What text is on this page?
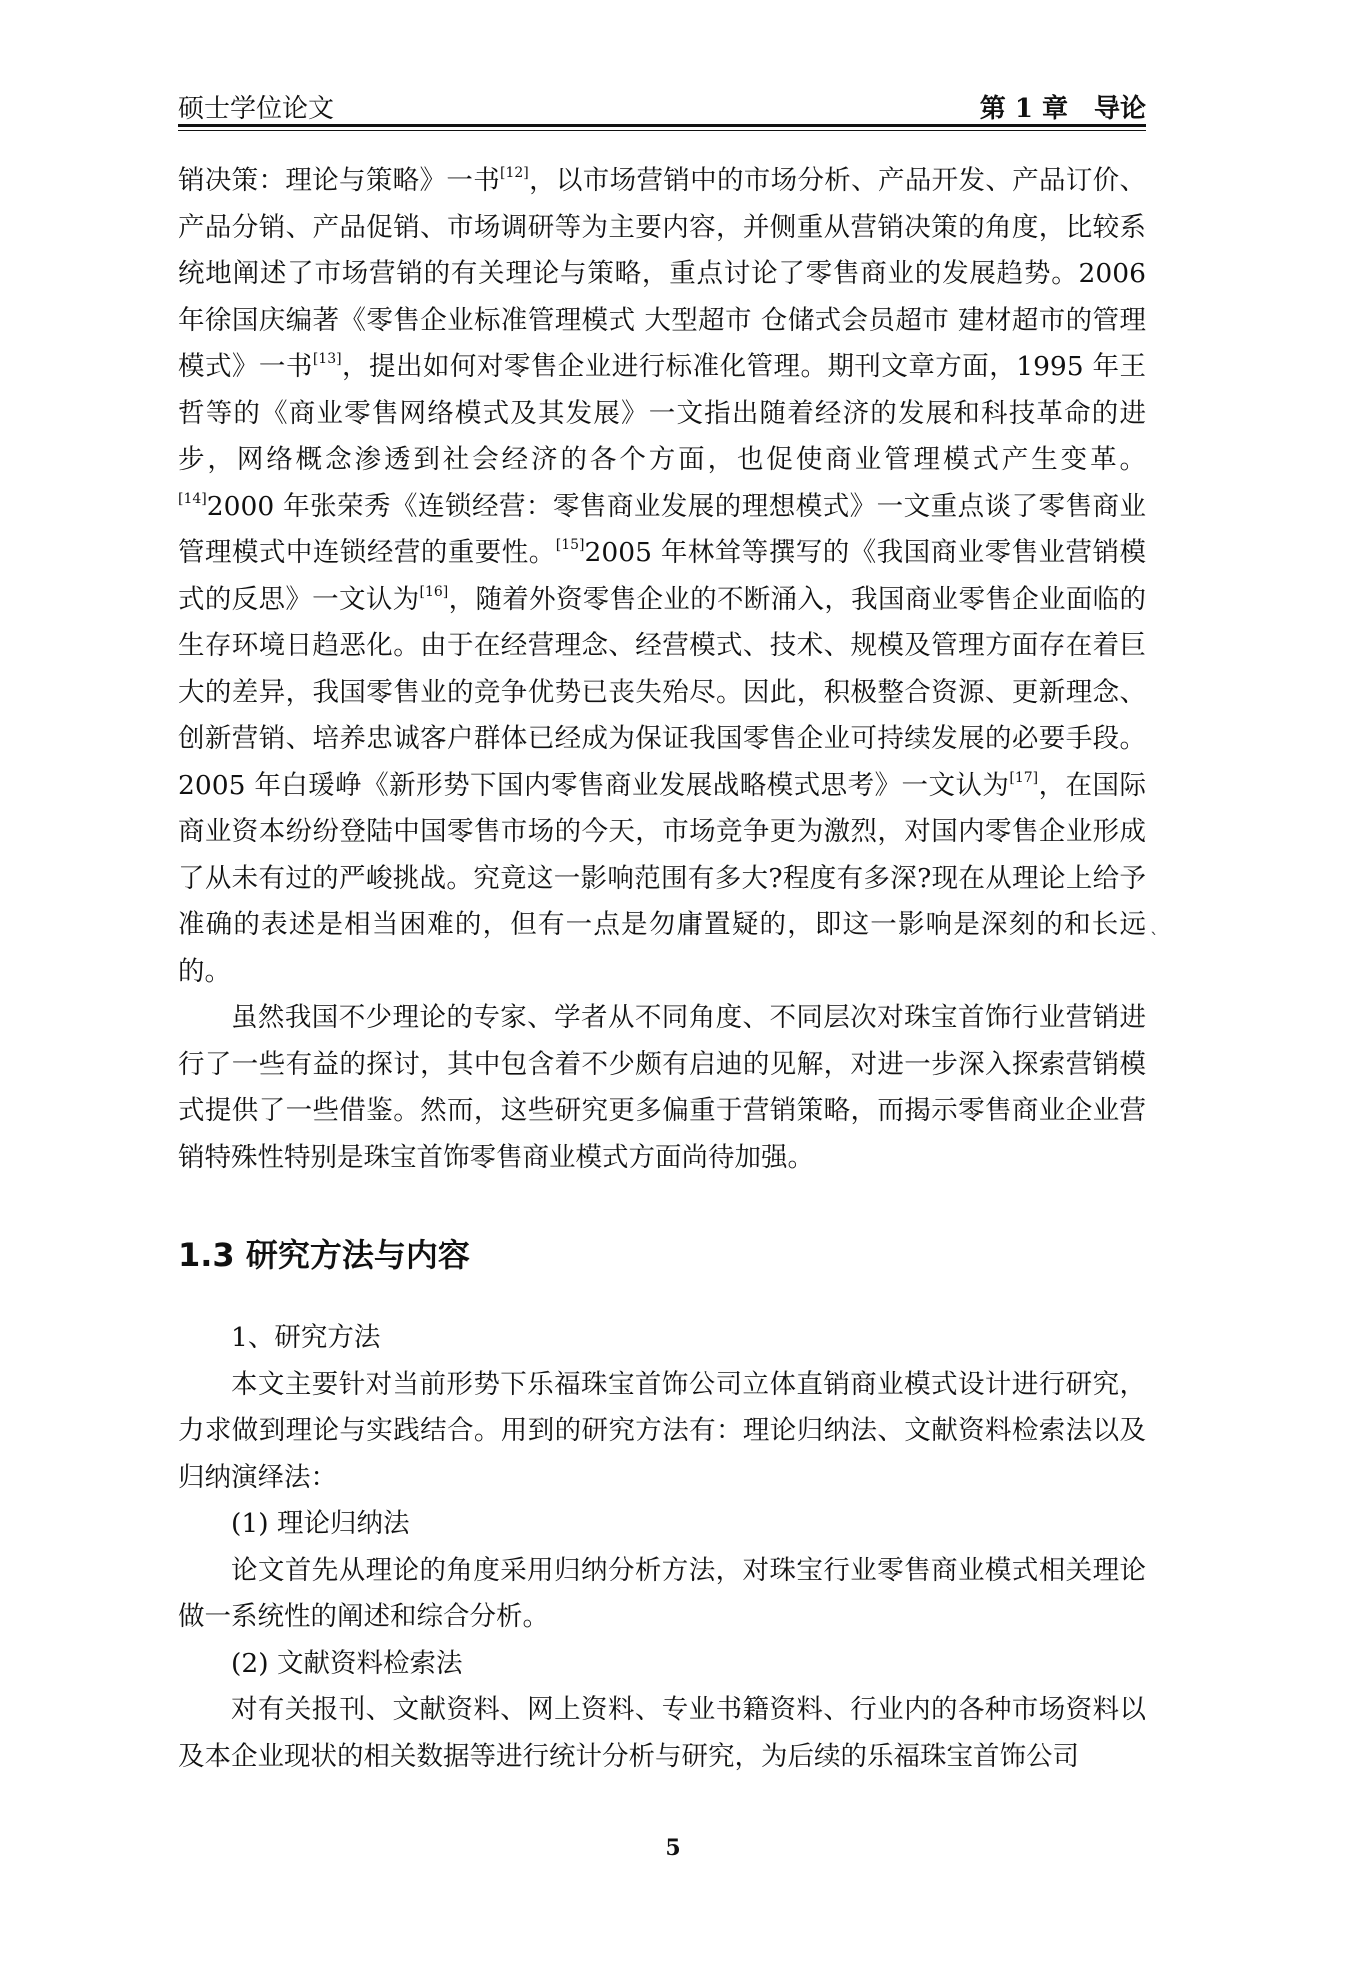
硕士学位论文	第 1 章　导论

销决策：理论与策略》一书[12]，以市场营销中的市场分析、产品开发、产品订价、产品分销、产品促销、市场调研等为主要内容，并侧重从营销决策的角度，比较系统地阐述了市场营销的有关理论与策略，重点讨论了零售商业的发展趋势。2006 年徐国庆编著《零售企业标准管理模式 大型超市 仓储式会员超市 建材超市的管理模式》一书[13]，提出如何对零售企业进行标准化管理。期刊文章方面，1995 年王哲等的《商业零售网络模式及其发展》一文指出随着经济的发展和科技革命的进步，网络概念渗透到社会经济的各个方面，也促使商业管理模式产生变革。[14]2000 年张荣秀《连锁经营：零售商业发展的理想模式》一文重点谈了零售商业管理模式中连锁经营的重要性。[15]2005 年林耸等撰写的《我国商业零售业营销模式的反思》一文认为[16]，随着外资零售企业的不断涌入，我国商业零售企业面临的生存环境日趋恶化。由于在经营理念、经营模式、技术、规模及管理方面存在着巨大的差异，我国零售业的竞争优势已丧失殆尽。因此，积极整合资源、更新理念、创新营销、培养忠诚客户群体已经成为保证我国零售企业可持续发展的必要手段。2005 年白瑗峥《新形势下国内零售商业发展战略模式思考》一文认为[17]，在国际商业资本纷纷登陆中国零售市场的今天，市场竞争更为激烈，对国内零售企业形成了从未有过的严峻挑战。究竟这一影响范围有多大?程度有多深?现在从理论上给予准确的表述是相当困难的，但有一点是勿庸置疑的，即这一影响是深刻的和长远的。

虽然我国不少理论的专家、学者从不同角度、不同层次对珠宝首饰行业营销进行了一些有益的探讨，其中包含着不少颇有启迪的见解，对进一步深入探索营销模式提供了一些借鉴。然而，这些研究更多偏重于营销策略，而揭示零售商业企业营销特殊性特别是珠宝首饰零售商业模式方面尚待加强。

1.3 研究方法与内容

1、研究方法

本文主要针对当前形势下乐福珠宝首饰公司立体直销商业模式设计进行研究，力求做到理论与实践结合。用到的研究方法有：理论归纳法、文献资料检索法以及归纳演绎法：

(1) 理论归纳法

论文首先从理论的角度采用归纳分析方法，对珠宝行业零售商业模式相关理论做一系统性的阐述和综合分析。

(2) 文献资料检索法

对有关报刊、文献资料、网上资料、专业书籍资料、行业内的各种市场资料以及本企业现状的相关数据等进行统计分析与研究，为后续的乐福珠宝首饰公司

`
5
